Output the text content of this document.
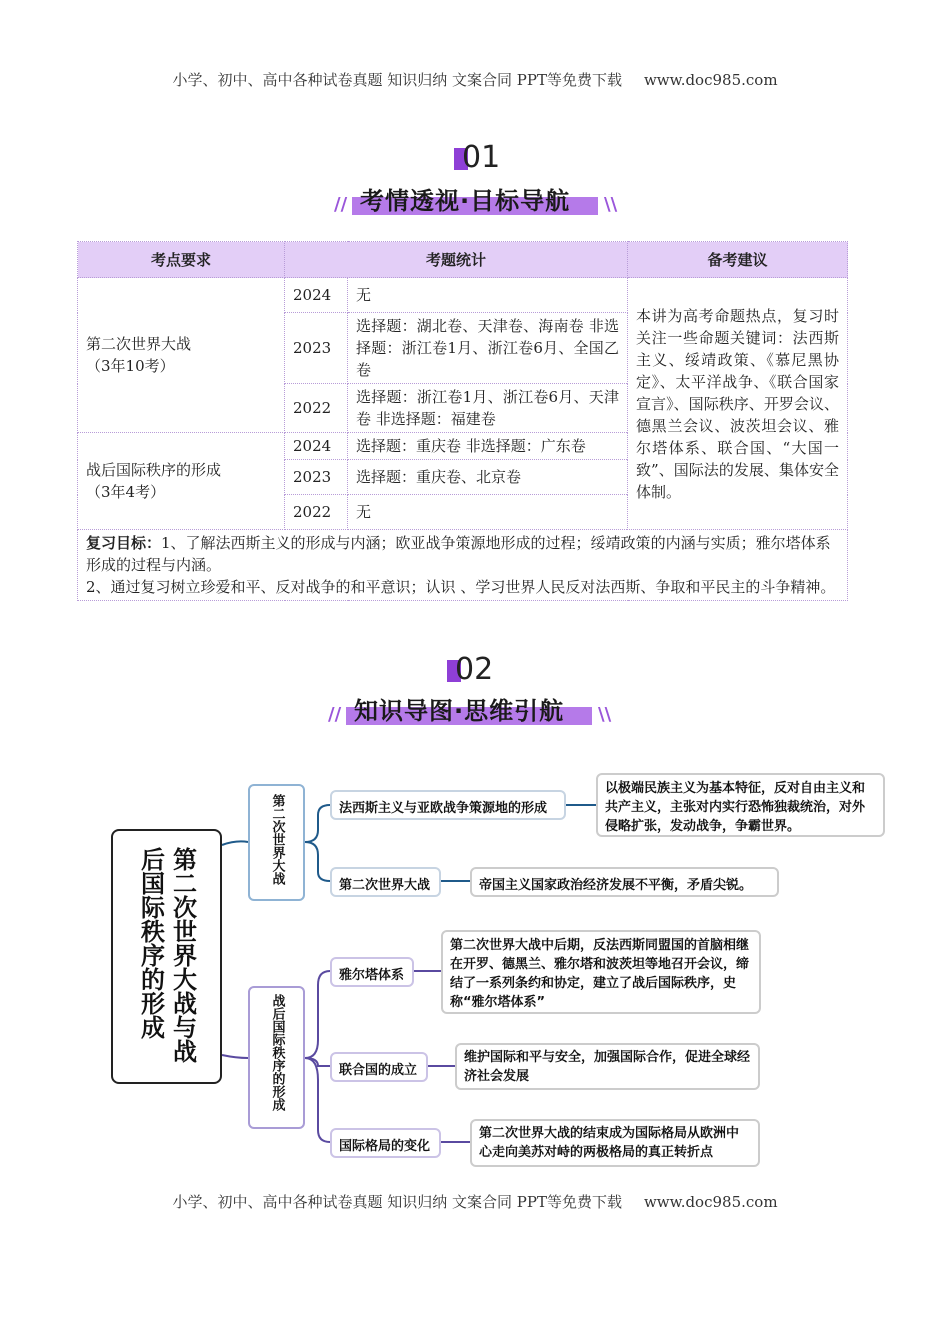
小学、初中、高中各种试卷真题 知识归纳 文案合同 PPT等免费下载 www.doc985.com
01
// 考情透视·目标导航 \\
考点要求	考题统计		备考建议

第二次世界大战
（3年10考）	2024	无	本讲为高考命题热点，复习时关注一些命题关键词：法西斯主义、绥靖政策、《慕尼黑协定》、太平洋战争、《联合国家宣言》、国际秩序、开罗会议、德黑兰会议、波茨坦会议、雅尔塔体系、联合国、“大国一致”、国际法的发展、集体安全体制。
	2023	选择题：湖北卷、天津卷、海南卷 非选择题：浙江卷1月、浙江卷6月、全国乙卷	
	2022	选择题：浙江卷1月、浙江卷6月、天津卷 非选择题：福建卷	

战后国际秩序的形成
（3年4考）	2024	选择题：重庆卷 非选择题：广东卷	
	2023	选择题：重庆卷、北京卷	
	2022	无	

复习目标：1、了解法西斯主义的形成与内涵；欧亚战争策源地形成的过程；绥靖政策的内涵与实质；雅尔塔体系形成的过程与内涵。
2、通过复习树立珍爱和平、反对战争的和平意识；认识 、学习世界人民反对法西斯、争取和平民主的斗争精神。			
02
// 知识导图·思维引航 \\
第二次世界大战与战后国际秩序的形成
第二次世界大战
战后国际秩序的形成
法西斯主义与亚欧战争策源地的形成
以极端民族主义为基本特征，反对自由主义和共产主义，主张对内实行恐怖独裁统治，对外侵略扩张，发动战争，争霸世界。
第二次世界大战	帝国主义国家政治经济发展不平衡，矛盾尖锐。
雅尔塔体系
第二次世界大战中后期，反法西斯同盟国的首脑相继在开罗、德黑兰、雅尔塔和波茨坦等地召开会议，缔结了一系列条约和协定，建立了战后国际秩序，史称“雅尔塔体系”
联合国的成立
维护国际和平与安全，加强国际合作，促进全球经济社会发展
国际格局的变化
第二次世界大战的结束成为国际格局从欧洲中心走向美苏对峙的两极格局的真正转折点
小学、初中、高中各种试卷真题 知识归纳 文案合同 PPT等免费下载 www.doc985.com
